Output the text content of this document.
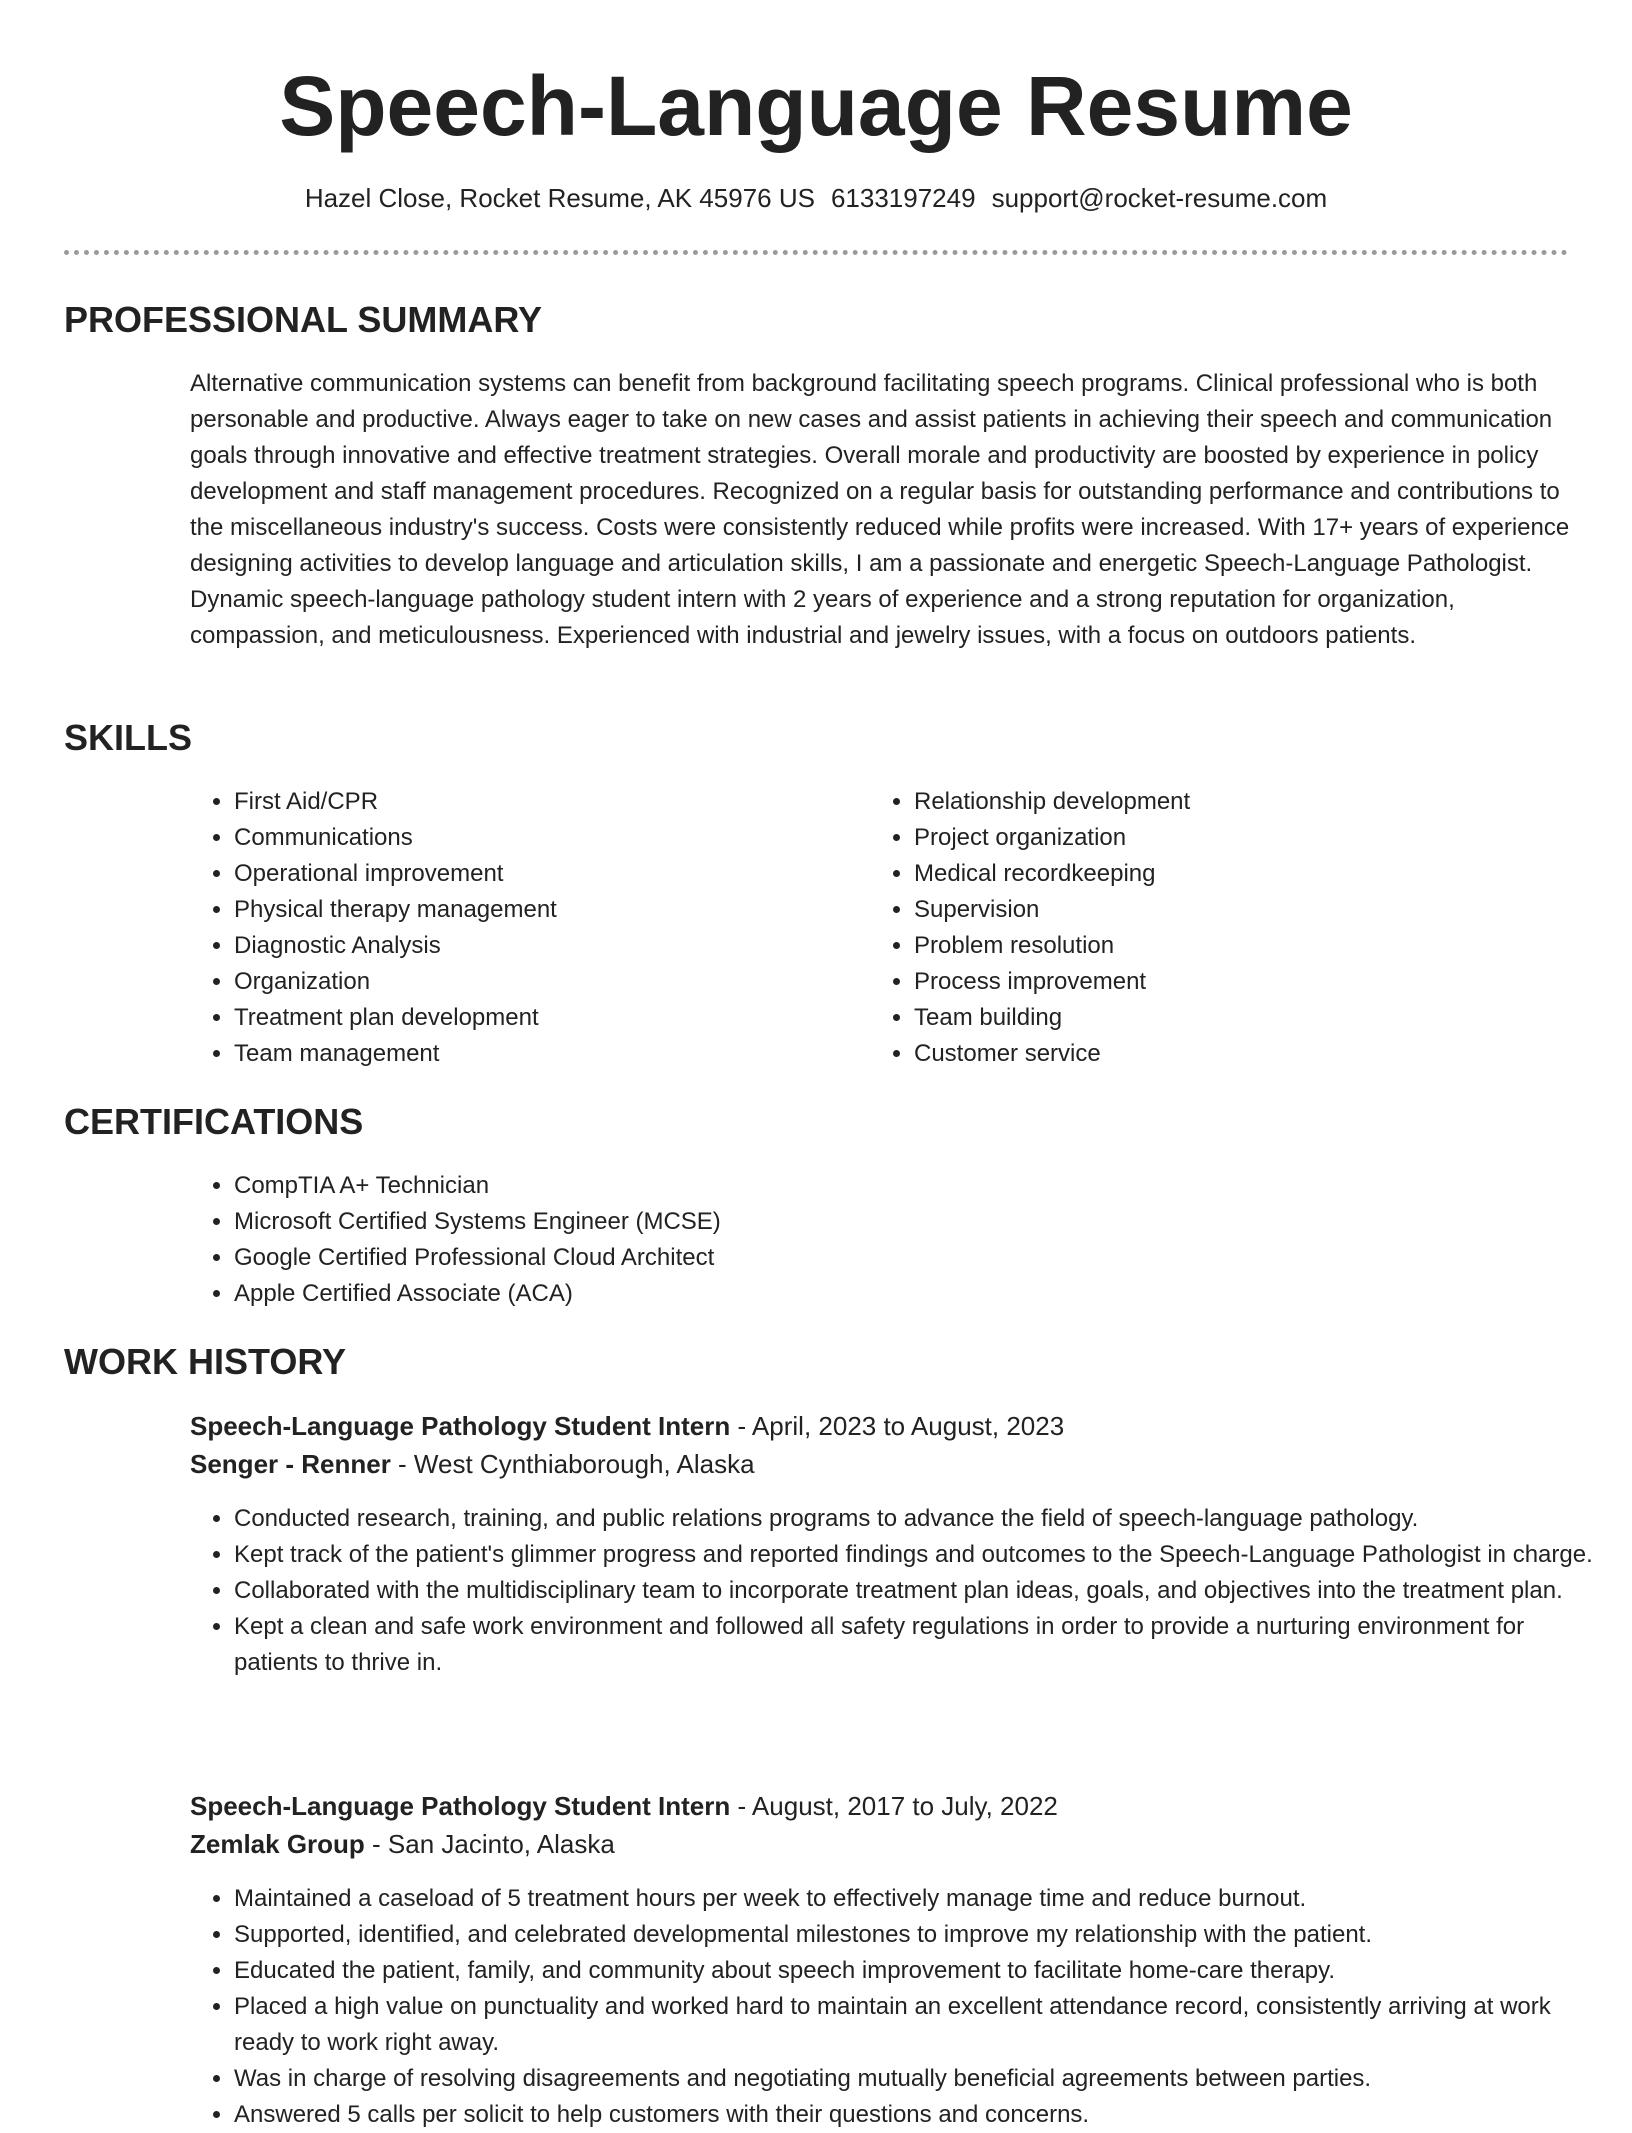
Speech-Language Resume
Hazel Close, Rocket Resume, AK 45976 US 6133197249 support@rocket-resume.com
PROFESSIONAL SUMMARY

Alternative communication systems can benefit from background facilitating speech programs. Clinical professional who is both personable and productive. Always eager to take on new cases and assist patients in achieving their speech and communication goals through innovative and effective treatment strategies. Overall morale and productivity are boosted by experience in policy development and staff management procedures. Recognized on a regular basis for outstanding performance and contributions to the miscellaneous industry's success. Costs were consistently reduced while profits were increased. With 17+ years of experience designing activities to develop language and articulation skills, I am a passionate and energetic Speech-Language Pathologist. Dynamic speech-language pathology student intern with 2 years of experience and a strong reputation for organization, compassion, and meticulousness. Experienced with industrial and jewelry issues, with a focus on outdoors patients.

SKILLS
• First Aid/CPR
• Communications
• Operational improvement
• Physical therapy management
• Diagnostic Analysis
• Organization
• Treatment plan development
• Team management
• Relationship development
• Project organization
• Medical recordkeeping
• Supervision
• Problem resolution
• Process improvement
• Team building
• Customer service
CERTIFICATIONS
• CompTIA A+ Technician
• Microsoft Certified Systems Engineer (MCSE)
• Google Certified Professional Cloud Architect
• Apple Certified Associate (ACA)
WORK HISTORY
Speech-Language Pathology Student Intern - April, 2023 to August, 2023
Senger - Renner - West Cynthiaborough, Alaska
• Conducted research, training, and public relations programs to advance the field of speech-language pathology.
• Kept track of the patient's glimmer progress and reported findings and outcomes to the Speech-Language Pathologist in charge.
• Collaborated with the multidisciplinary team to incorporate treatment plan ideas, goals, and objectives into the treatment plan.
• Kept a clean and safe work environment and followed all safety regulations in order to provide a nurturing environment for patients to thrive in.
Speech-Language Pathology Student Intern - August, 2017 to July, 2022
Zemlak Group - San Jacinto, Alaska
• Maintained a caseload of 5 treatment hours per week to effectively manage time and reduce burnout.
• Supported, identified, and celebrated developmental milestones to improve my relationship with the patient.
• Educated the patient, family, and community about speech improvement to facilitate home-care therapy.
• Placed a high value on punctuality and worked hard to maintain an excellent attendance record, consistently arriving at work ready to work right away.
• Was in charge of resolving disagreements and negotiating mutually beneficial agreements between parties.
• Answered 5 calls per solicit to help customers with their questions and concerns.
